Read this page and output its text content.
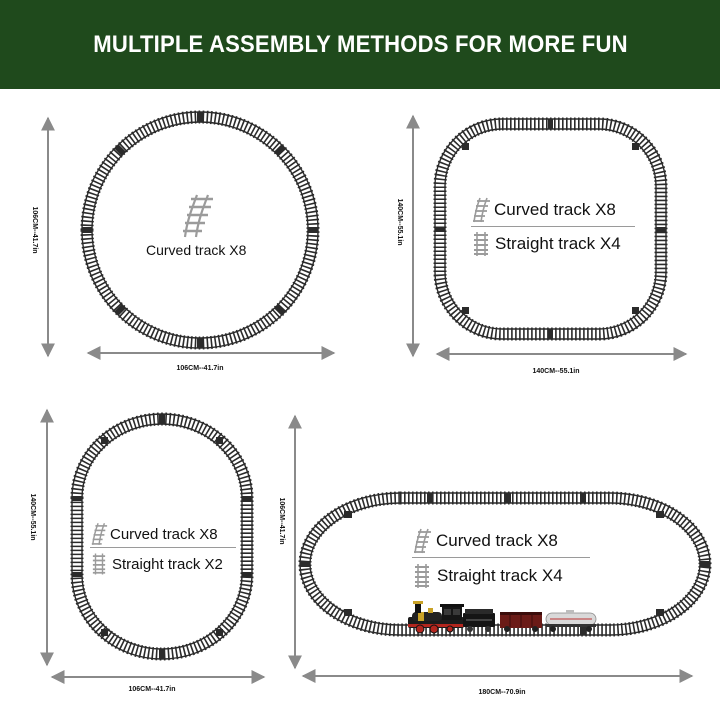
MULTIPLE ASSEMBLY METHODS FOR MORE FUN
106CM--41.7in
106CM--41.7in
140CM--55.1in
140CM--55.1in
140CM--55.1in
106CM--41.7in
106CM--41.7in
180CM--70.9in
Curved track X8
Curved track X8
Straight track X4
Curved track X8
Straight track X2
Curved track X8
Straight track X4
